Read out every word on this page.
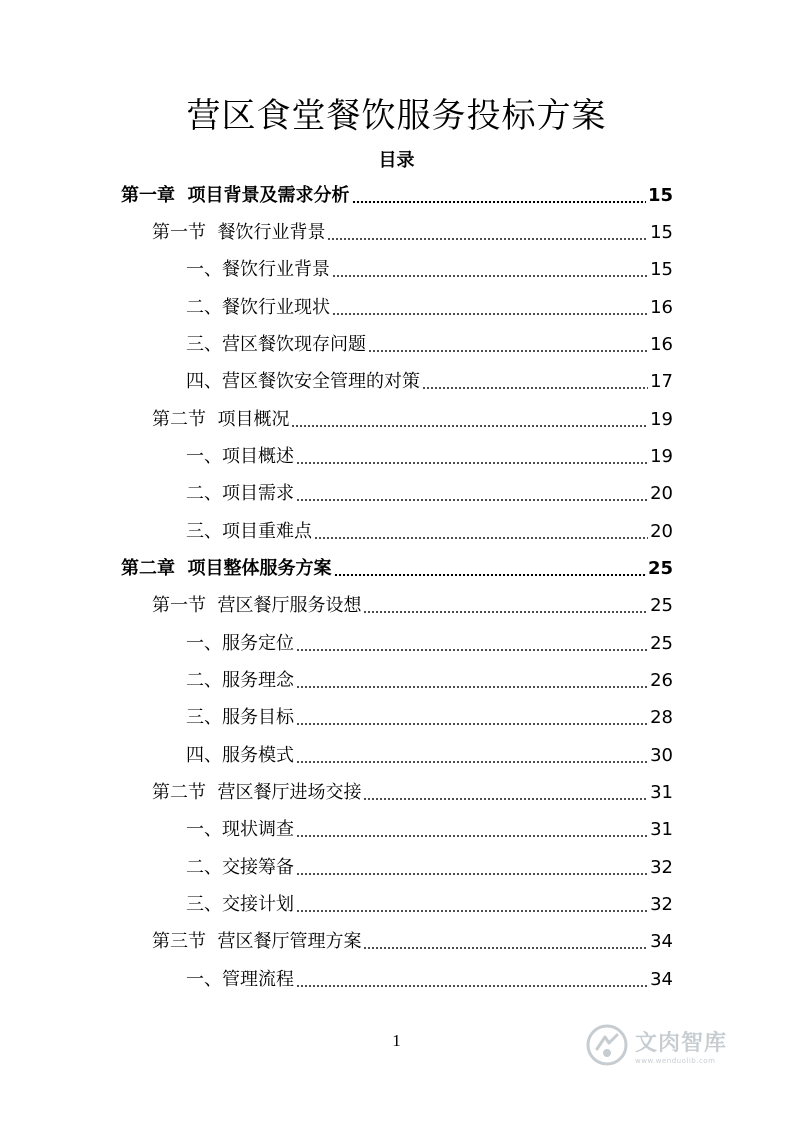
营区食堂餐饮服务投标方案
目录
第一章  项目背景及需求分析	15
第一节  餐饮行业背景	15
一、餐饮行业背景	15
二、餐饮行业现状	16
三、营区餐饮现存问题	16
四、营区餐饮安全管理的对策	17
第二节  项目概况	19
一、项目概述	19
二、项目需求	20
三、项目重难点	20
第二章  项目整体服务方案	25
第一节  营区餐厅服务设想	25
一、服务定位	25
二、服务理念	26
三、服务目标	28
四、服务模式	30
第二节  营区餐厅进场交接	31
一、现状调查	31
二、交接筹备	32
三、交接计划	32
第三节  营区餐厅管理方案	34
一、管理流程	34
1	文肉智库
www.wenduolib.com
